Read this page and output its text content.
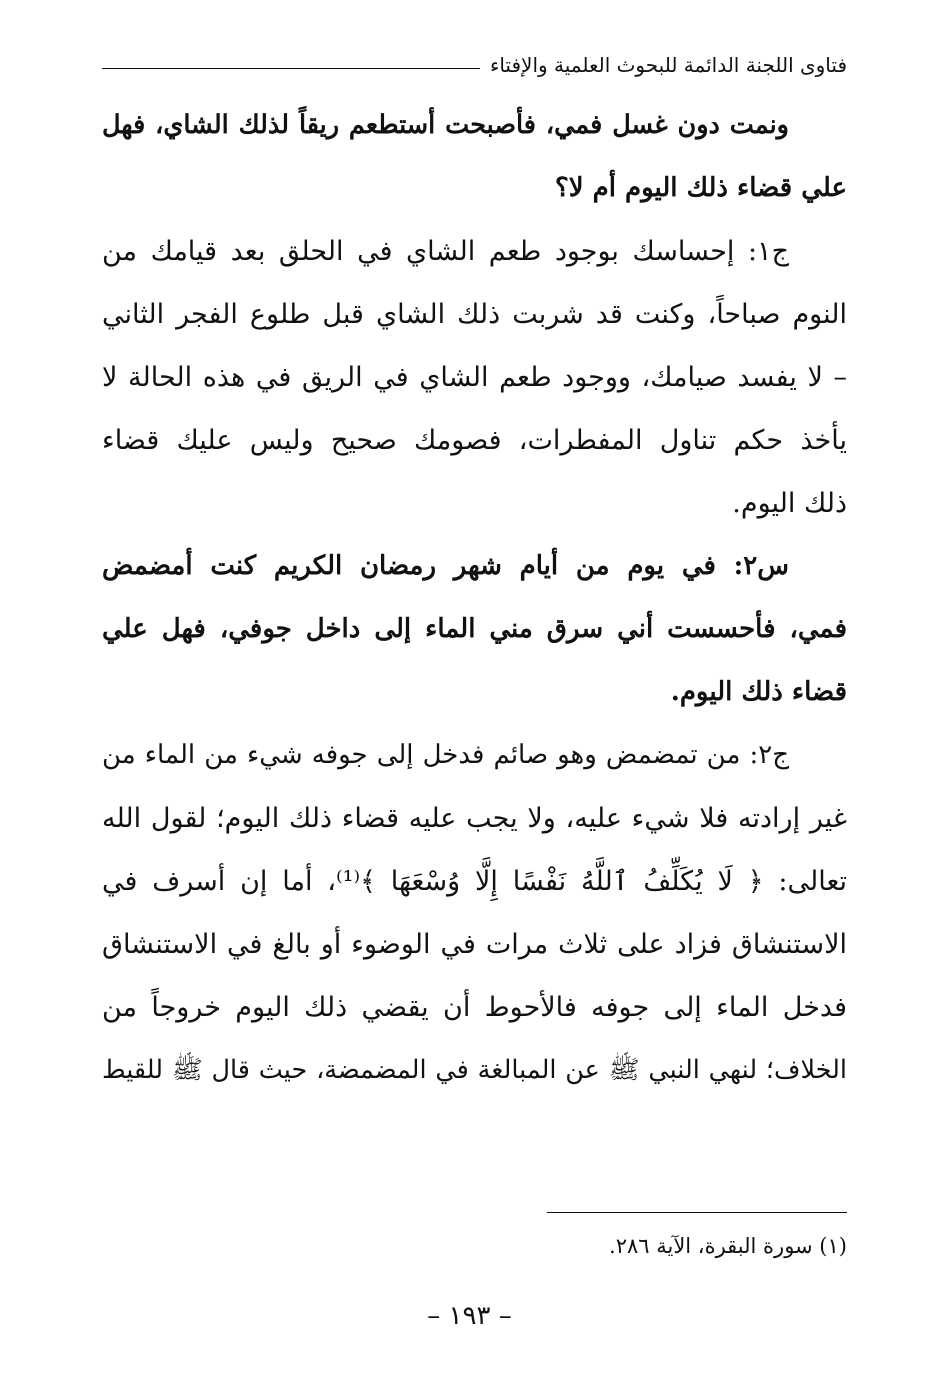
فتاوى اللجنة الدائمة للبحوث العلمية والإفتاء
ونمت دون غسل فمي، فأصبحت أستطعم ريقاً لذلك الشاي، فهل
علي قضاء ذلك اليوم أم لا؟
ج١: إحساسك بوجود طعم الشاي في الحلق بعد قيامك من
النوم صباحاً، وكنت قد شربت ذلك الشاي قبل طلوع الفجر الثاني
– لا يفسد صيامك، ووجود طعم الشاي في الريق في هذه الحالة لا
يأخذ حكم تناول المفطرات، فصومك صحيح وليس عليك قضاء
ذلك اليوم.
س٢: في يوم من أيام شهر رمضان الكريم كنت أمضمض
فمي، فأحسست أني سرق مني الماء إلى داخل جوفي، فهل علي
قضاء ذلك اليوم.
ج٢: من تمضمض وهو صائم فدخل إلى جوفه شيء من الماء من
غير إرادته فلا شيء عليه، ولا يجب عليه قضاء ذلك اليوم؛ لقول الله
تعالى: ﴿ لَا يُكَلِّفُ ٱللَّهُ نَفْسًا إِلَّا وُسْعَهَا ﴾⁽¹⁾، أما إن أسرف في
الاستنشاق فزاد على ثلاث مرات في الوضوء أو بالغ في الاستنشاق
فدخل الماء إلى جوفه فالأحوط أن يقضي ذلك اليوم خروجاً من
الخلاف؛ لنهي النبي ﷺ عن المبالغة في المضمضة، حيث قال ﷺ للقيط
(١) سورة البقرة، الآية ٢٨٦.
– ١٩٣ –
